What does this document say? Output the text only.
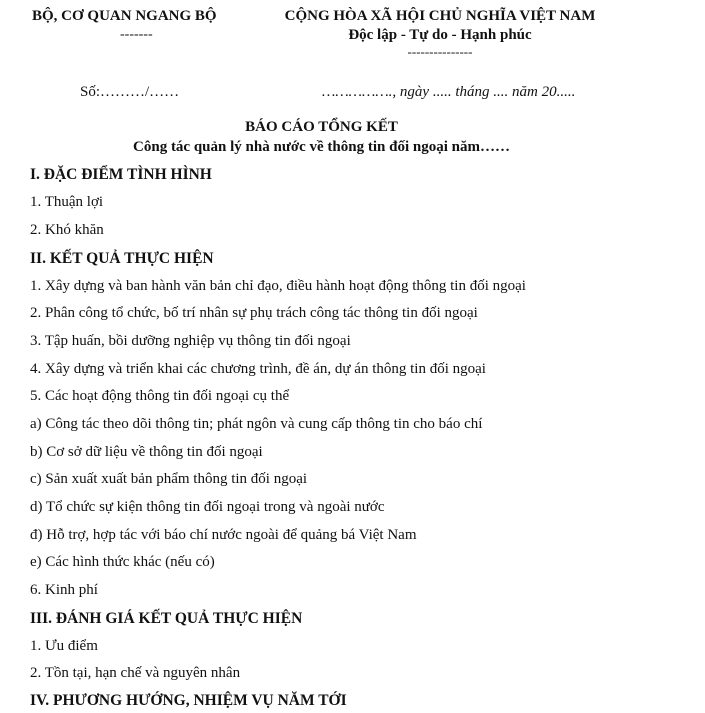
BỘ, CƠ QUAN NGANG BỘ
-------
CỘNG HÒA XÃ HỘI CHỦ NGHĨA VIỆT NAM
Độc lập - Tự do - Hạnh phúc
---------------
Số:………/……	……………., ngày ..... tháng .... năm 20.....
BÁO CÁO TỔNG KẾT
Công tác quản lý nhà nước về thông tin đối ngoại năm……
I. ĐẶC ĐIỂM TÌNH HÌNH
1. Thuận lợi
2. Khó khăn
II. KẾT QUẢ THỰC HIỆN
1. Xây dựng và ban hành văn bản chỉ đạo, điều hành hoạt động thông tin đối ngoại
2. Phân công tổ chức, bố trí nhân sự phụ trách công tác thông tin đối ngoại
3. Tập huấn, bồi dưỡng nghiệp vụ thông tin đối ngoại
4. Xây dựng và triển khai các chương trình, đề án, dự án thông tin đối ngoại
5. Các hoạt động thông tin đối ngoại cụ thể
a) Công tác theo dõi thông tin; phát ngôn và cung cấp thông tin cho báo chí
b) Cơ sở dữ liệu về thông tin đối ngoại
c) Sản xuất xuất bản phẩm thông tin đối ngoại
d) Tổ chức sự kiện thông tin đối ngoại trong và ngoài nước
đ) Hỗ trợ, hợp tác với báo chí nước ngoài để quảng bá Việt Nam
e) Các hình thức khác (nếu có)
6. Kinh phí
III. ĐÁNH GIÁ KẾT QUẢ THỰC HIỆN
1. Ưu điểm
2. Tồn tại, hạn chế và nguyên nhân
IV. PHƯƠNG HƯỚNG, NHIỆM VỤ NĂM TỚI
